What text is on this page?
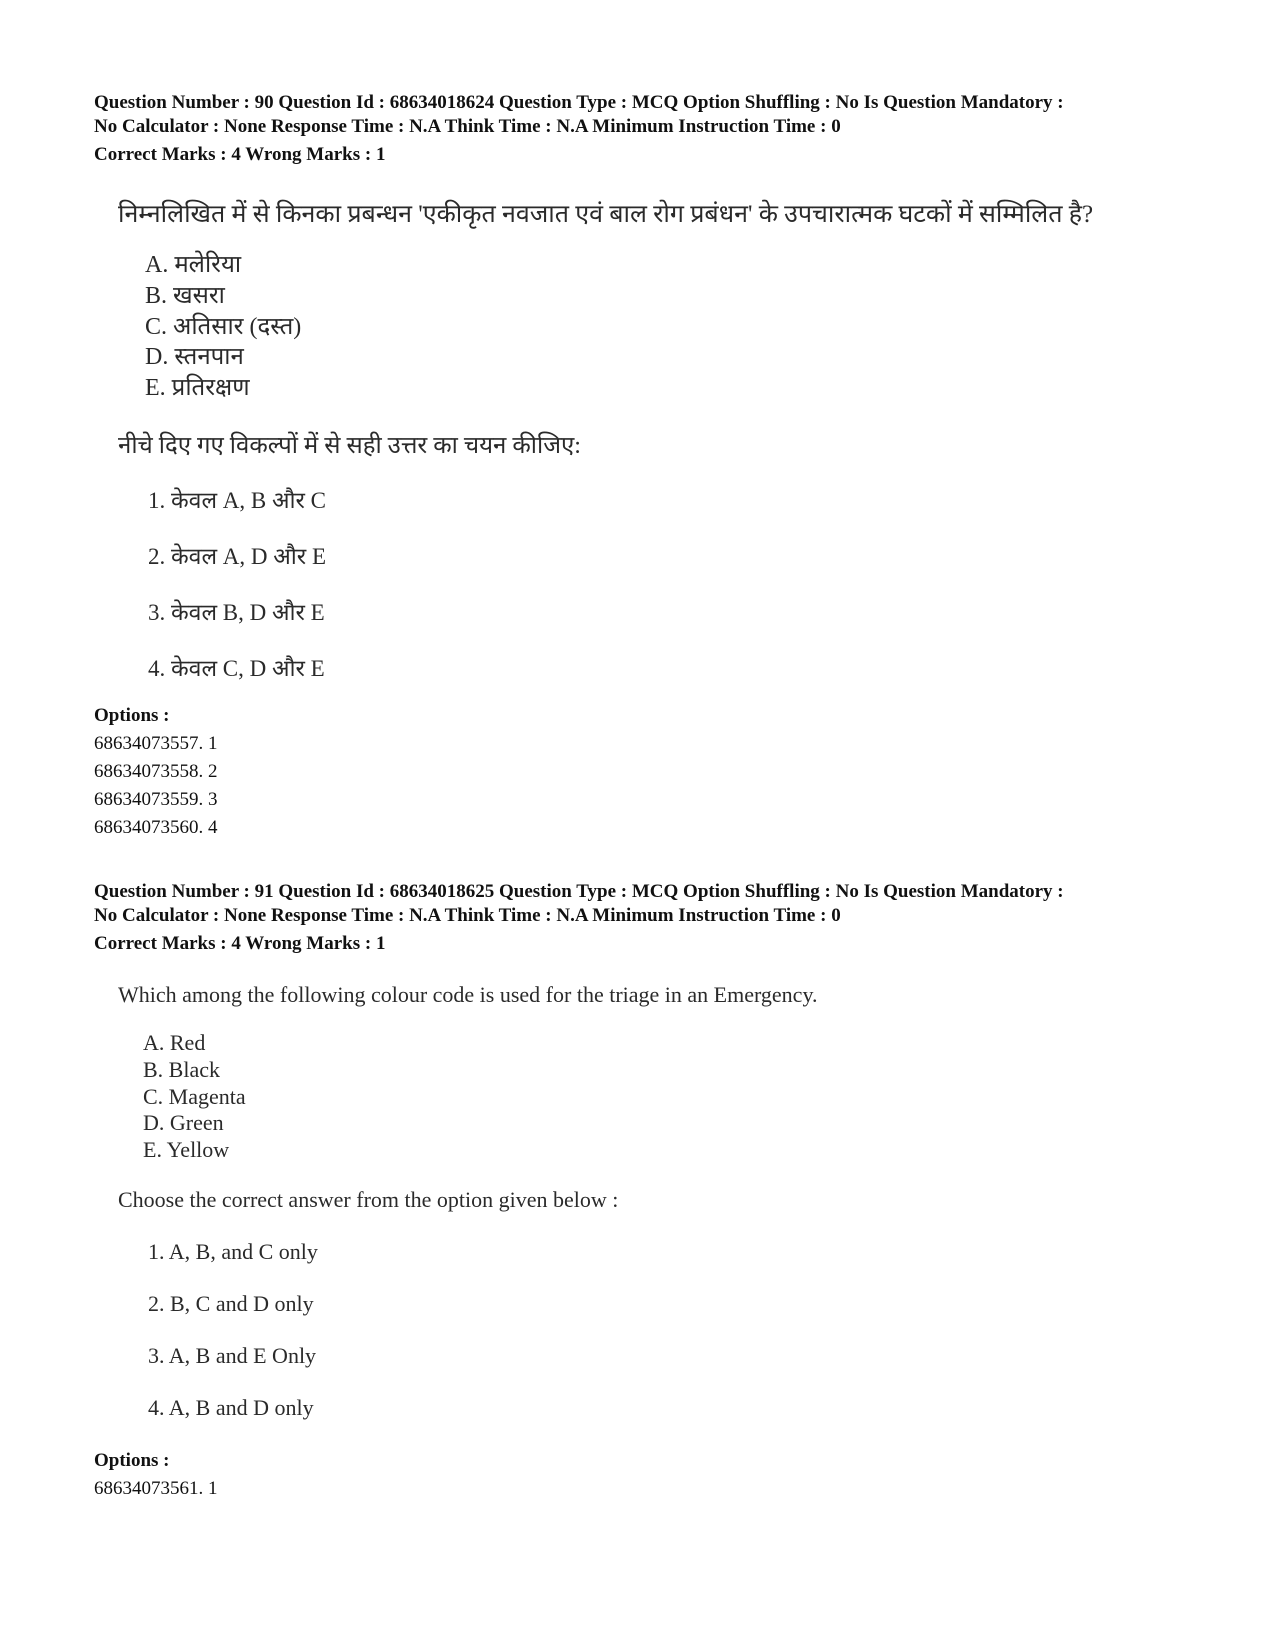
Question Number : 90 Question Id : 68634018624 Question Type : MCQ Option Shuffling : No Is Question Mandatory :
No Calculator : None Response Time : N.A Think Time : N.A Minimum Instruction Time : 0
Correct Marks : 4 Wrong Marks : 1
निम्नलिखित में से किनका प्रबन्धन 'एकीकृत नवजात एवं बाल रोग प्रबंधन' के उपचारात्मक घटकों में सम्मिलित है?
A. मलेरिया
B. खसरा
C. अतिसार (दस्त)
D. स्तनपान
E. प्रतिरक्षण
नीचे दिए गए विकल्पों में से सही उत्तर का चयन कीजिए:
1. केवल A, B और C
2. केवल A, D और E
3. केवल B, D और E
4. केवल C, D और E
Options :
68634073557. 1
68634073558. 2
68634073559. 3
68634073560. 4
Question Number : 91 Question Id : 68634018625 Question Type : MCQ Option Shuffling : No Is Question Mandatory :
No Calculator : None Response Time : N.A Think Time : N.A Minimum Instruction Time : 0
Correct Marks : 4 Wrong Marks : 1
Which among the following colour code is used for the triage in an Emergency.
A. Red
B. Black
C. Magenta
D. Green
E. Yellow
Choose the correct answer from the option given below :
1. A, B, and C only
2. B, C and D only
3. A, B and E Only
4. A, B and D only
Options :
68634073561. 1
